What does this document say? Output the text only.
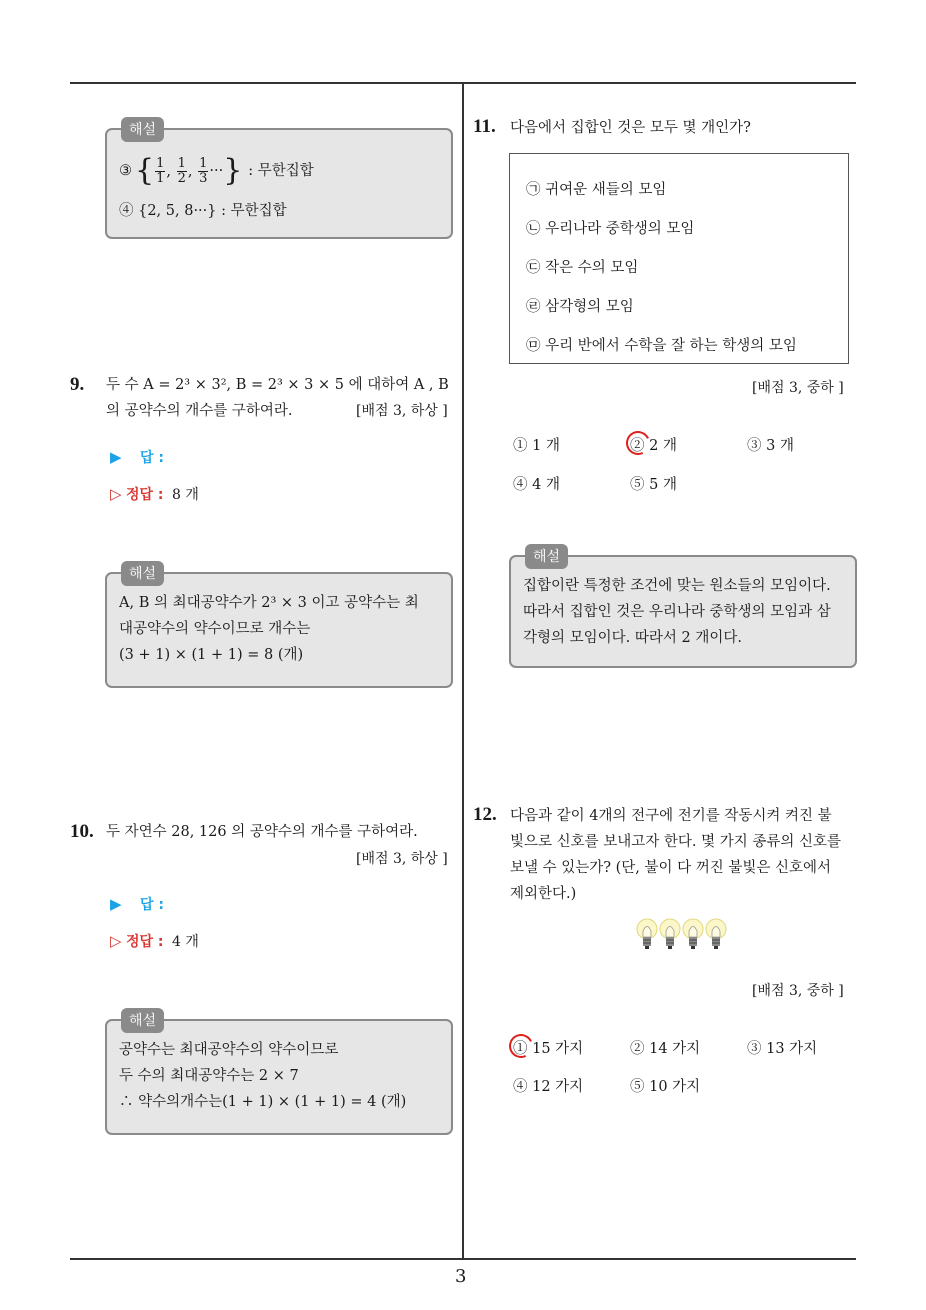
3
해설
③  { $\frac{1}{1}$ , $\frac{1}{2}$ , $\frac{1}{3}$ ··· } : 무한집합
④ {2, 5, 8···} : 무한집합
9. 두 수 A = 2³ × 3², B = 2³ × 3 × 5 에 대하여 A , B
의 공약수의 개수를 구하여라.	[배점 3, 하상 ]
▶ 답 :
▷ 정답 : 8 개
해설
A, B 의 최대공약수가 2³ × 3 이고 공약수는 최
대공약수의 약수이므로 개수는
(3 + 1) × (1 + 1) = 8 (개)
10. 두 자연수 28, 126 의 공약수의 개수를 구하여라.
[배점 3, 하상 ]
▶ 답 :
▷ 정답 : 4 개
해설
공약수는 최대공약수의 약수이므로
두 수의 최대공약수는 2 × 7
∴ 약수의개수는(1 + 1) × (1 + 1) = 4 (개)
11. 다음에서 집합인 것은 모두 몇 개인가?
㉠ 귀여운 새들의 모임
㉡ 우리나라 중학생의 모임
㉢ 작은 수의 모임
㉣ 삼각형의 모임
㉤ 우리 반에서 수학을 잘 하는 학생의 모임
[배점 3, 중하 ]
① 1 개	② 2 개	③ 3 개
④ 4 개	⑤ 5 개
해설
집합이란 특정한 조건에 맞는 원소들의 모임이다.
따라서 집합인 것은 우리나라 중학생의 모임과 삼
각형의 모임이다. 따라서 2 개이다.
12. 다음과 같이 4개의 전구에 전기를 작동시켜 켜진 불
빛으로 신호를 보내고자 한다. 몇 가지 종류의 신호를
보낼 수 있는가? (단, 불이 다 꺼진 불빛은 신호에서
제외한다.)
[배점 3, 중하 ]
① 15 가지	② 14 가지	③ 13 가지
④ 12 가지	⑤ 10 가지
